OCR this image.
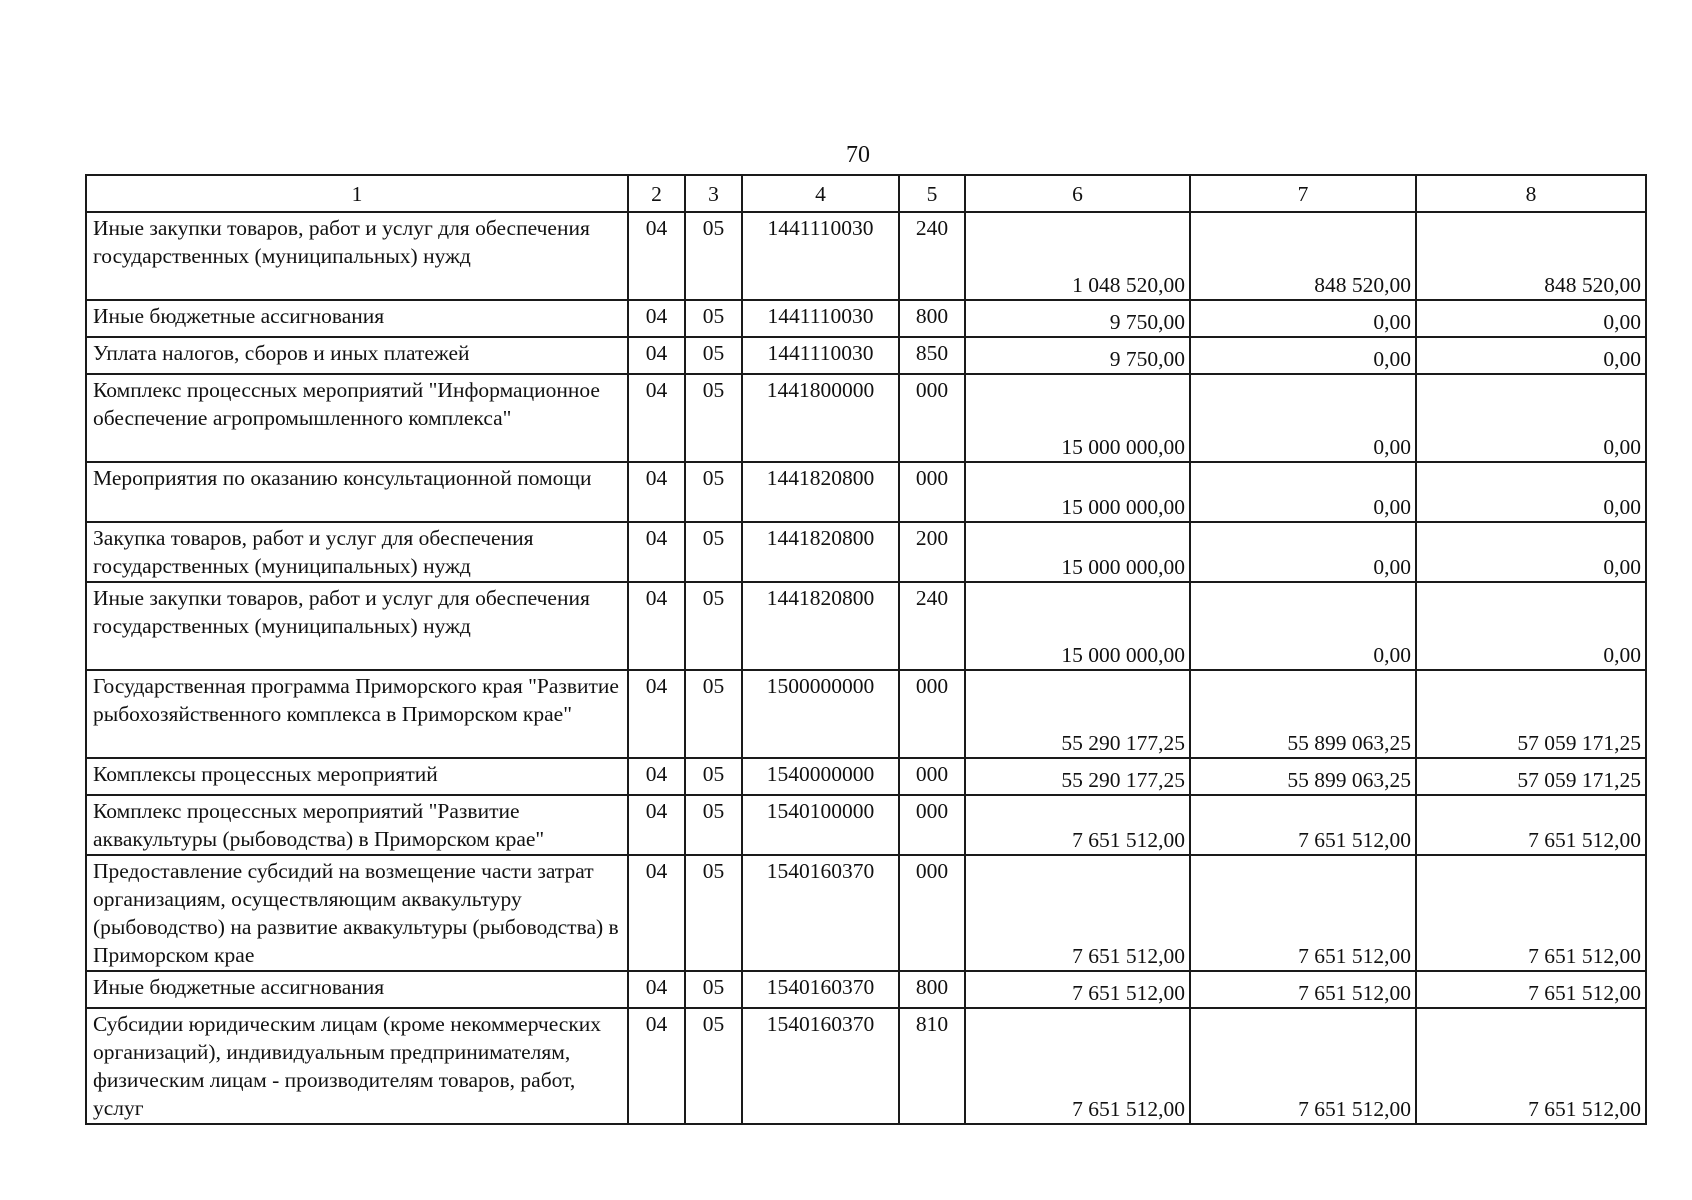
70
1	2	3	4	5	6	7	8
Иные закупки товаров, работ и услуг для обеспечения государственных (муниципальных) нужд	04	05	1441110030	240	1 048 520,00	848 520,00	848 520,00
Иные бюджетные ассигнования	04	05	1441110030	800	9 750,00	0,00	0,00
Уплата налогов, сборов и иных платежей	04	05	1441110030	850	9 750,00	0,00	0,00
Комплекс процессных мероприятий "Информационное обеспечение агропромышленного комплекса"	04	05	1441800000	000	15 000 000,00	0,00	0,00
Мероприятия по оказанию консультационной помощи	04	05	1441820800	000	15 000 000,00	0,00	0,00
Закупка товаров, работ и услуг для обеспечения государственных (муниципальных) нужд	04	05	1441820800	200	15 000 000,00	0,00	0,00
Иные закупки товаров, работ и услуг для обеспечения государственных (муниципальных) нужд	04	05	1441820800	240	15 000 000,00	0,00	0,00
Государственная программа Приморского края "Развитие рыбохозяйственного комплекса в Приморском крае"	04	05	1500000000	000	55 290 177,25	55 899 063,25	57 059 171,25
Комплексы процессных мероприятий	04	05	1540000000	000	55 290 177,25	55 899 063,25	57 059 171,25
Комплекс процессных мероприятий "Развитие аквакультуры (рыбоводства) в Приморском крае"	04	05	1540100000	000	7 651 512,00	7 651 512,00	7 651 512,00
Предоставление субсидий на возмещение части затрат организациям, осуществляющим аквакультуру (рыбоводство) на развитие аквакультуры (рыбоводства) в Приморском крае	04	05	1540160370	000	7 651 512,00	7 651 512,00	7 651 512,00
Иные бюджетные ассигнования	04	05	1540160370	800	7 651 512,00	7 651 512,00	7 651 512,00
Субсидии юридическим лицам (кроме некоммерческих организаций), индивидуальным предпринимателям, физическим лицам - производителям товаров, работ, услуг	04	05	1540160370	810	7 651 512,00	7 651 512,00	7 651 512,00
